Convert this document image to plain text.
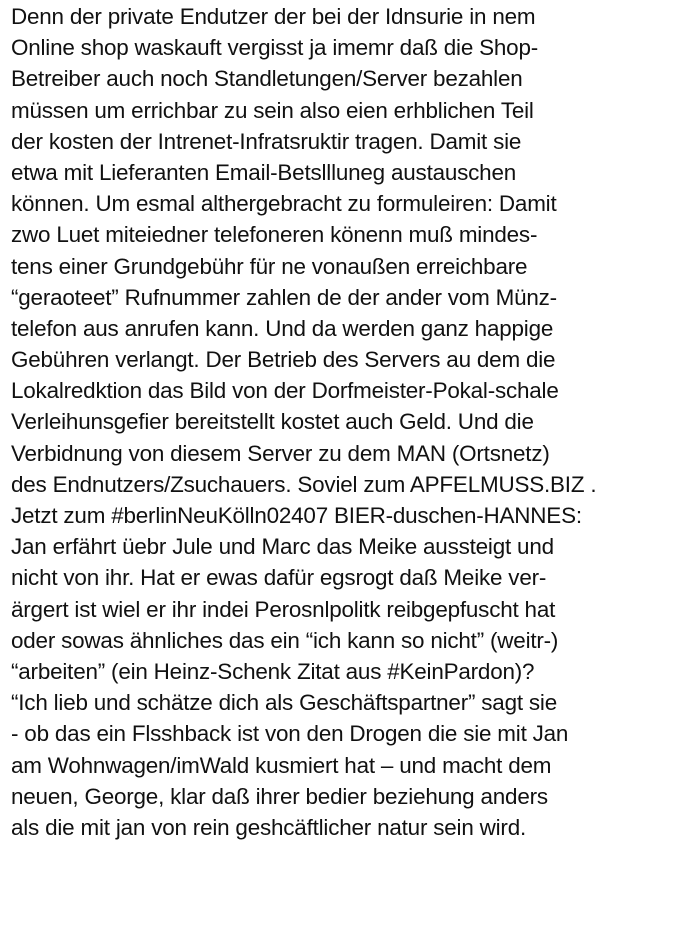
Denn der private Endutzer der bei der Idnsurie in nem
Online shop waskauft vergisst ja imemr daß die Shop-
Betreiber auch noch Standletungen/Server bezahlen
müssen um errichbar zu sein also eien erhblichen Teil
der kosten der Intrenet-Infratsruktir tragen. Damit sie
etwa mit Lieferanten Email-Betsllluneg austauschen
können. Um esmal althergebracht zu formuleiren: Damit
zwo Luet miteiedner telefoneren könenn muß mindes-
tens einer Grundgebühr für ne vonaußen erreichbare
“geraoteet” Rufnummer zahlen de der ander vom Münz-
telefon aus anrufen kann. Und da werden ganz happige
Gebühren verlangt. Der Betrieb des Servers au dem die
Lokalredktion das Bild von der Dorfmeister-Pokal-schale
Verleihunsgefier bereitstellt kostet auch Geld. Und die
Verbidnung von diesem Server zu dem MAN (Ortsnetz)
des Endnutzers/Zsuchauers. Soviel zum APFELMUSS.BIZ .
Jetzt zum #berlinNeuKölln02407 BIER-duschen-HANNES:
Jan erfährt üebr Jule und Marc das Meike aussteigt und
nicht von ihr. Hat er ewas dafür egsrogt daß Meike ver-
ärgert ist wiel er ihr indei Perosnlpolitk reibgepfuscht hat
oder sowas ähnliches das ein “ich kann so nicht” (weitr-)
“arbeiten” (ein Heinz-Schenk Zitat aus #KeinPardon)?
“Ich lieb und schätze dich als Geschäftspartner” sagt sie
- ob das ein Flsshback ist von den Drogen die sie mit Jan
am Wohnwagen/imWald kusmiert hat – und macht dem
neuen, George, klar daß ihrer bedier beziehung anders
als die mit jan von rein geshcäftlicher natur sein wird.
